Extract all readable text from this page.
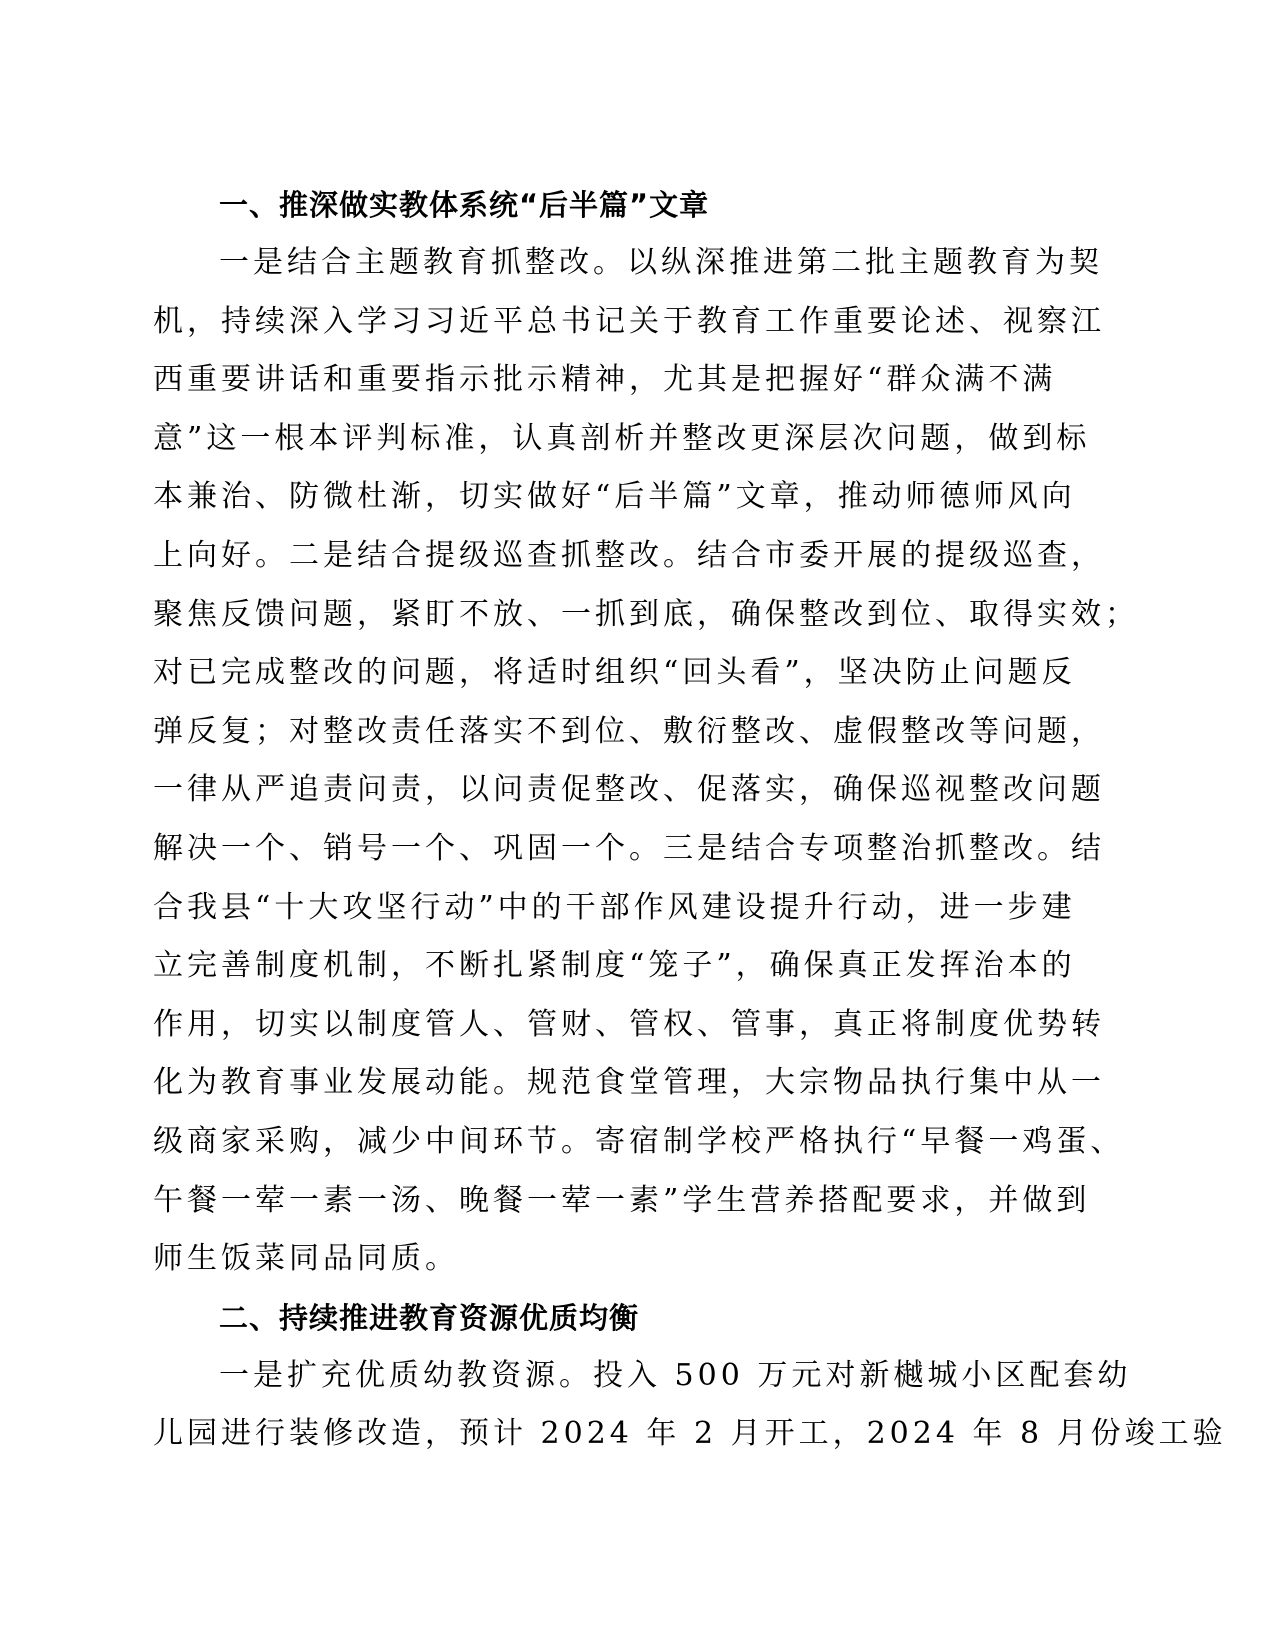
一、推深做实教体系统“后半篇”文章
一是结合主题教育抓整改。以纵深推进第二批主题教育为契
机，持续深入学习习近平总书记关于教育工作重要论述、视察江
西重要讲话和重要指示批示精神，尤其是把握好“群众满不满
意”这一根本评判标准，认真剖析并整改更深层次问题，做到标
本兼治、防微杜渐，切实做好“后半篇”文章，推动师德师风向
上向好。二是结合提级巡查抓整改。结合市委开展的提级巡查，
聚焦反馈问题，紧盯不放、一抓到底，确保整改到位、取得实效；
对已完成整改的问题，将适时组织“回头看”，坚决防止问题反
弹反复；对整改责任落实不到位、敷衍整改、虚假整改等问题，
一律从严追责问责，以问责促整改、促落实，确保巡视整改问题
解决一个、销号一个、巩固一个。三是结合专项整治抓整改。结
合我县“十大攻坚行动”中的干部作风建设提升行动，进一步建
立完善制度机制，不断扎紧制度“笼子”，确保真正发挥治本的
作用，切实以制度管人、管财、管权、管事，真正将制度优势转
化为教育事业发展动能。规范食堂管理，大宗物品执行集中从一
级商家采购，减少中间环节。寄宿制学校严格执行“早餐一鸡蛋、
午餐一荤一素一汤、晚餐一荤一素”学生营养搭配要求，并做到
师生饭菜同品同质。
二、持续推进教育资源优质均衡
一是扩充优质幼教资源。投入 500 万元对新樾城小区配套幼
儿园进行装修改造，预计 2024 年 2 月开工，2024 年 8 月份竣工验
